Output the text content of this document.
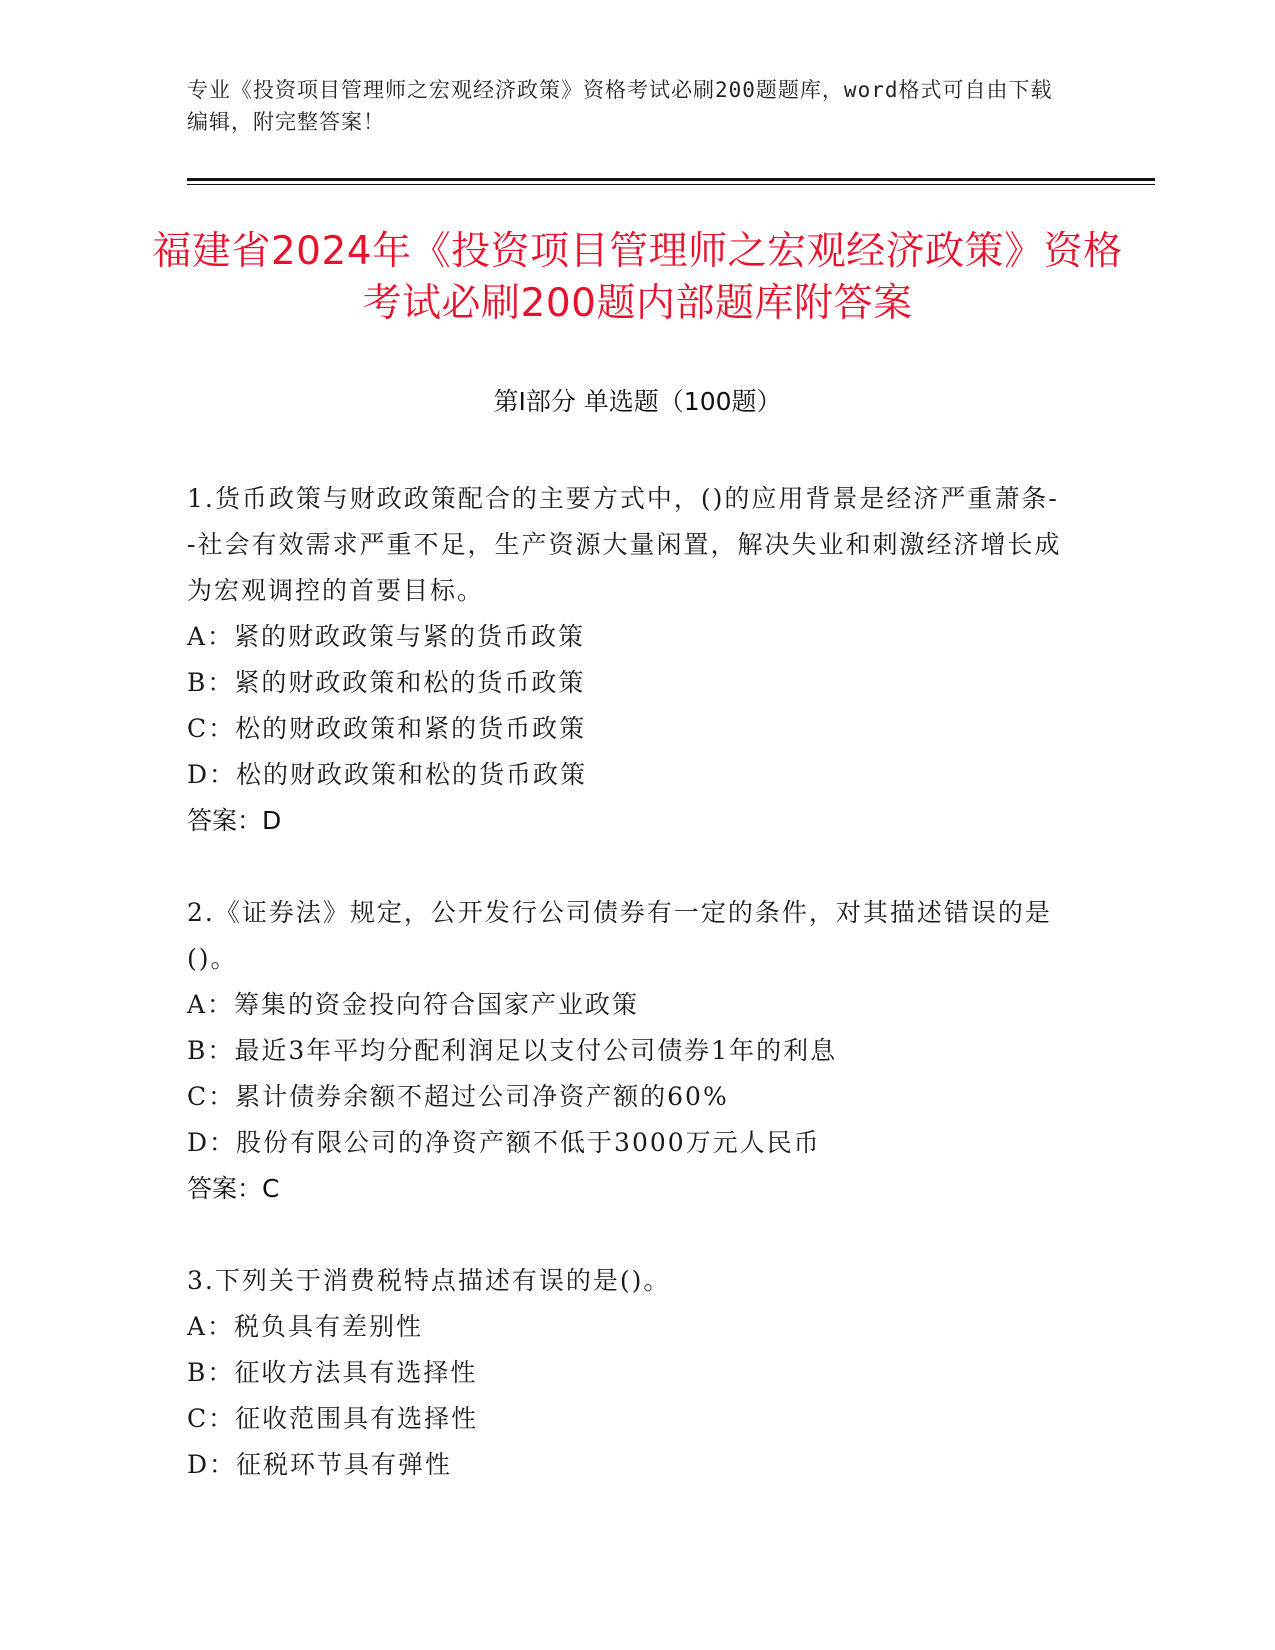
专业《投资项目管理师之宏观经济政策》资格考试必刷200题题库，word格式可自由下载编辑，附完整答案！
福建省2024年《投资项目管理师之宏观经济政策》资格考试必刷200题内部题库附答案
第I部分 单选题（100题）
1.货币政策与财政政策配合的主要方式中，()的应用背景是经济严重萧条--社会有效需求严重不足，生产资源大量闲置，解决失业和刺激经济增长成为宏观调控的首要目标。
A：紧的财政政策与紧的货币政策
B：紧的财政政策和松的货币政策
C：松的财政政策和紧的货币政策
D：松的财政政策和松的货币政策
答案：D
2.《证券法》规定，公开发行公司债券有一定的条件，对其描述错误的是()。
A：筹集的资金投向符合国家产业政策
B：最近3年平均分配利润足以支付公司债券1年的利息
C：累计债券余额不超过公司净资产额的60%
D：股份有限公司的净资产额不低于3000万元人民币
答案：C
3.下列关于消费税特点描述有误的是()。
A：税负具有差别性
B：征收方法具有选择性
C：征收范围具有选择性
D：征税环节具有弹性
